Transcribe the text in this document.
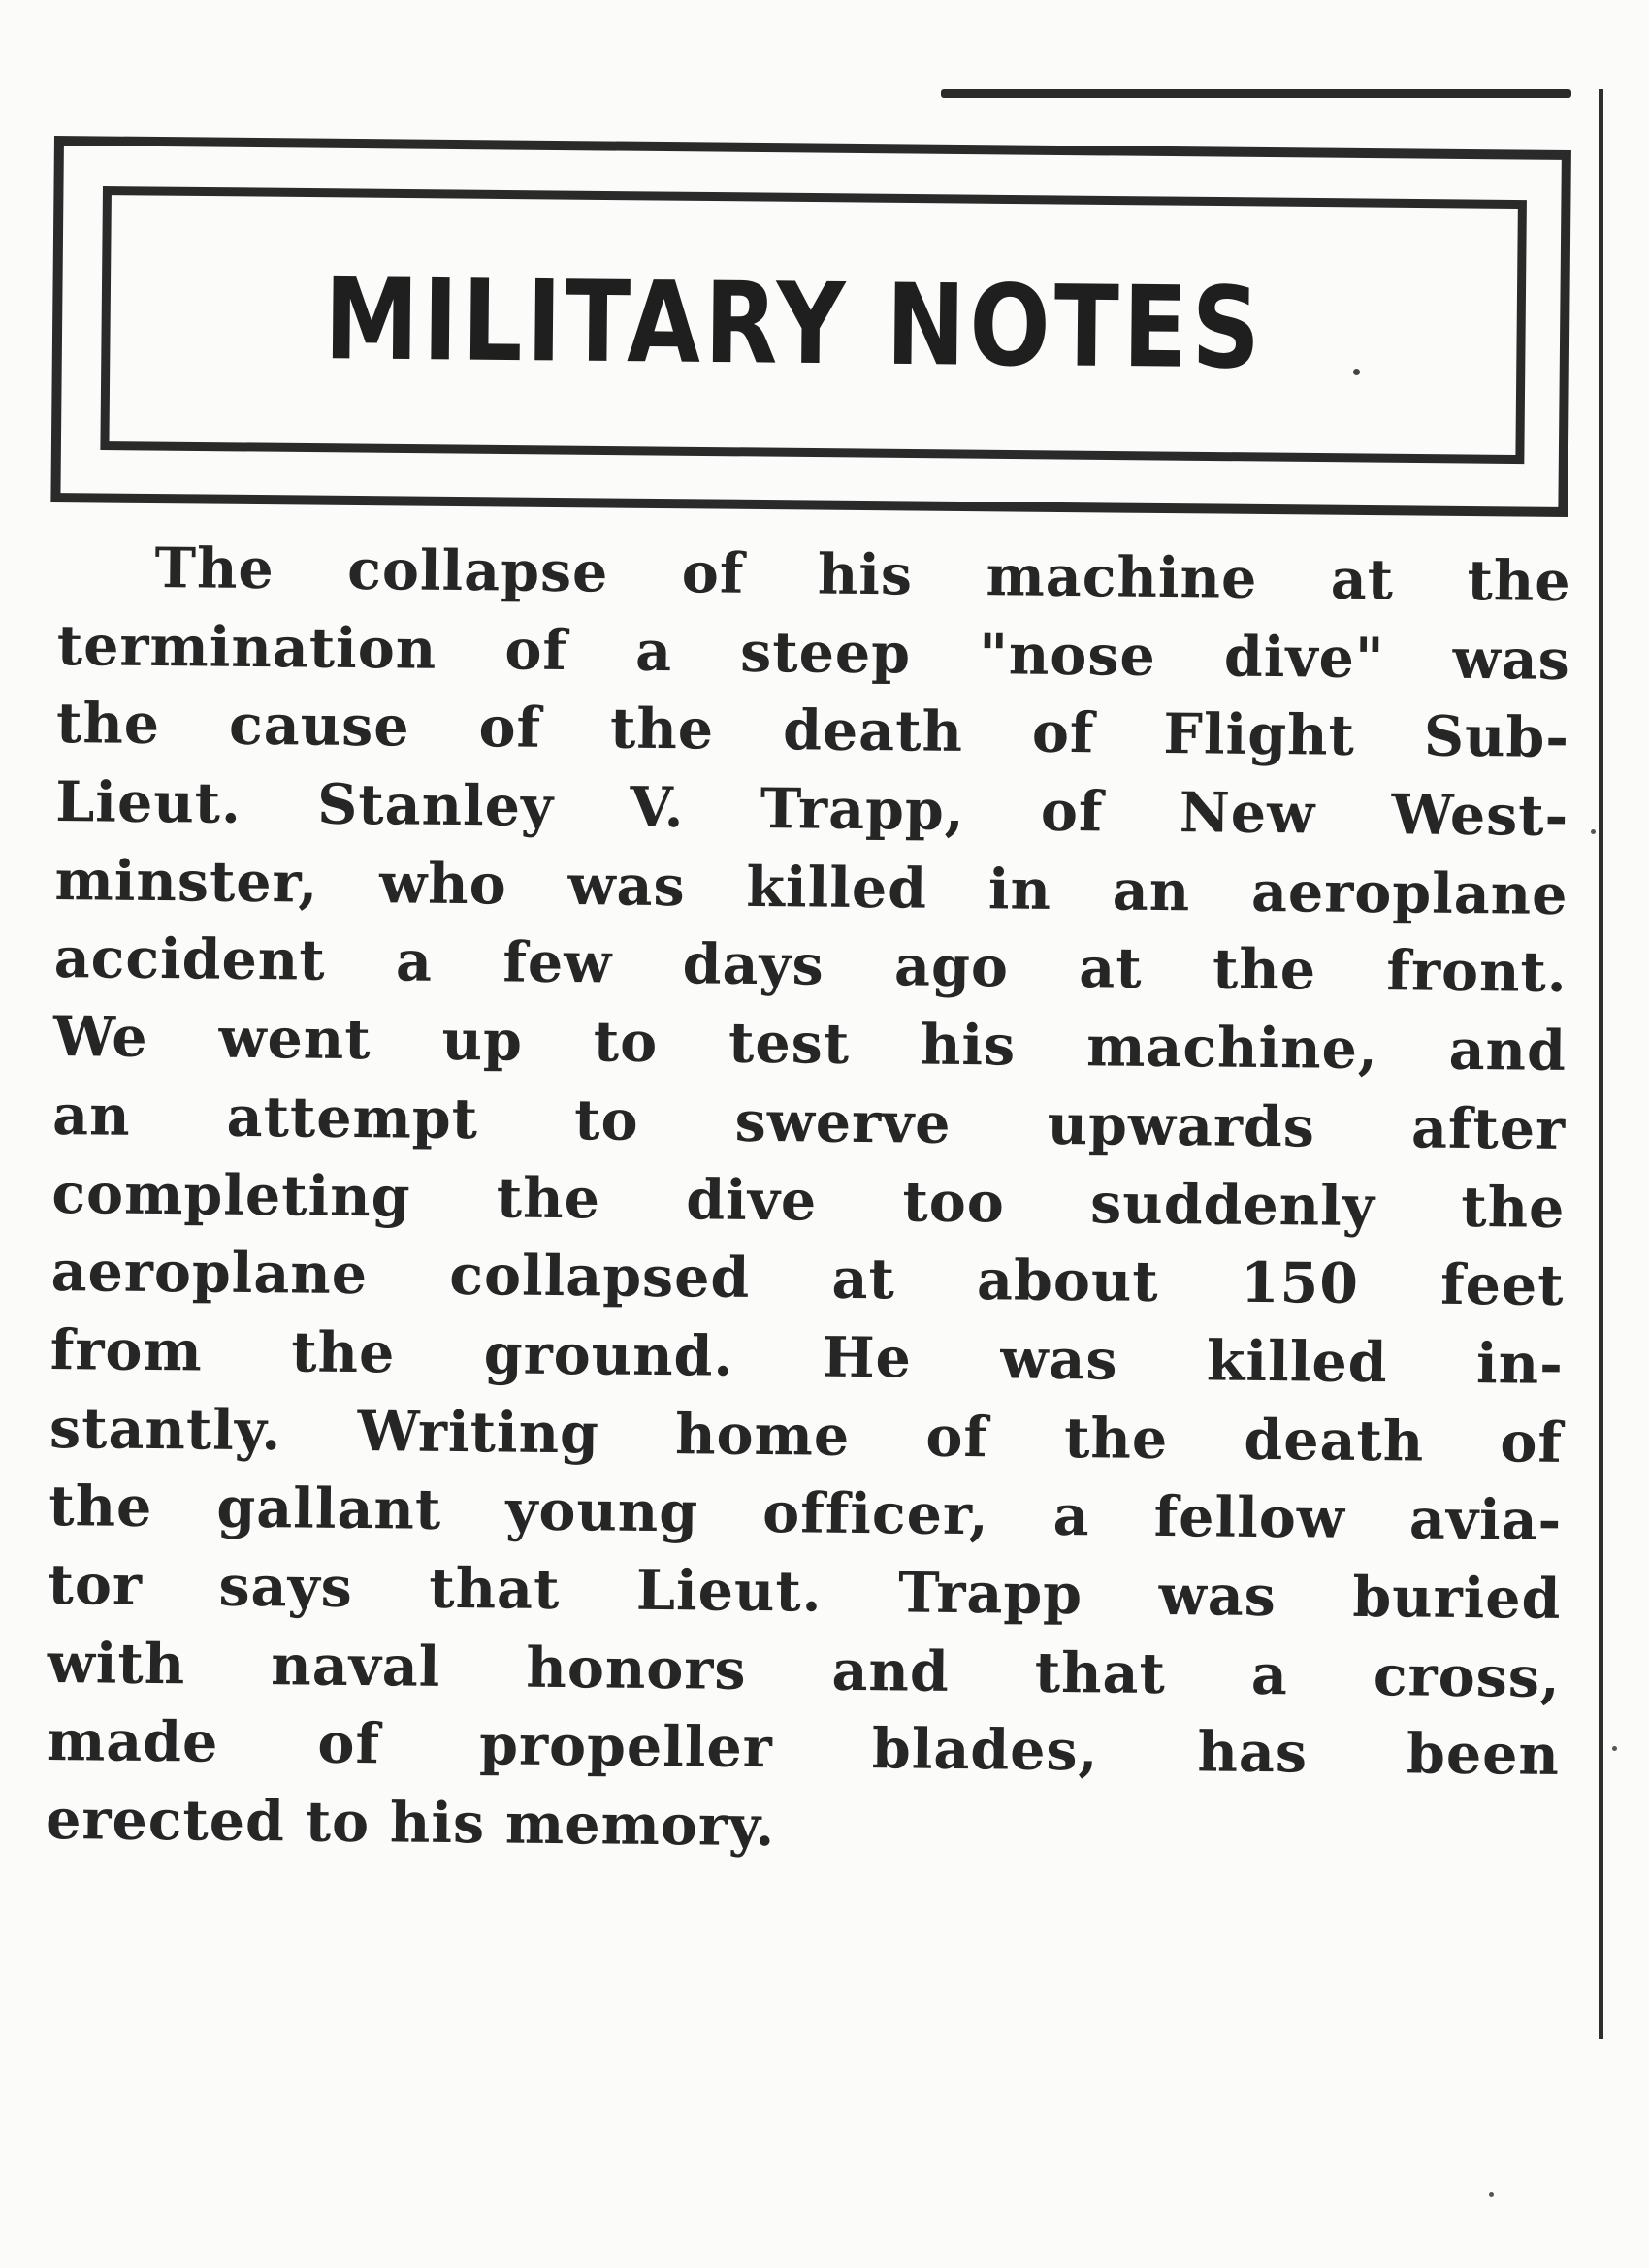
MILITARY NOTES
The collapse of his machine at the
termination of a steep "nose dive" was
the cause of the death of Flight Sub-
Lieut. Stanley V. Trapp, of New West-
minster, who was killed in an aeroplane
accident a few days ago at the front.
We went up to test his machine, and
an attempt to swerve upwards after
completing the dive too suddenly the
aeroplane collapsed at about 150 feet
from the ground. He was killed in-
stantly. Writing home of the death of
the gallant young officer, a fellow avia-
tor says that Lieut. Trapp was buried
with naval honors and that a cross,
made of propeller blades, has been
erected to his memory.
